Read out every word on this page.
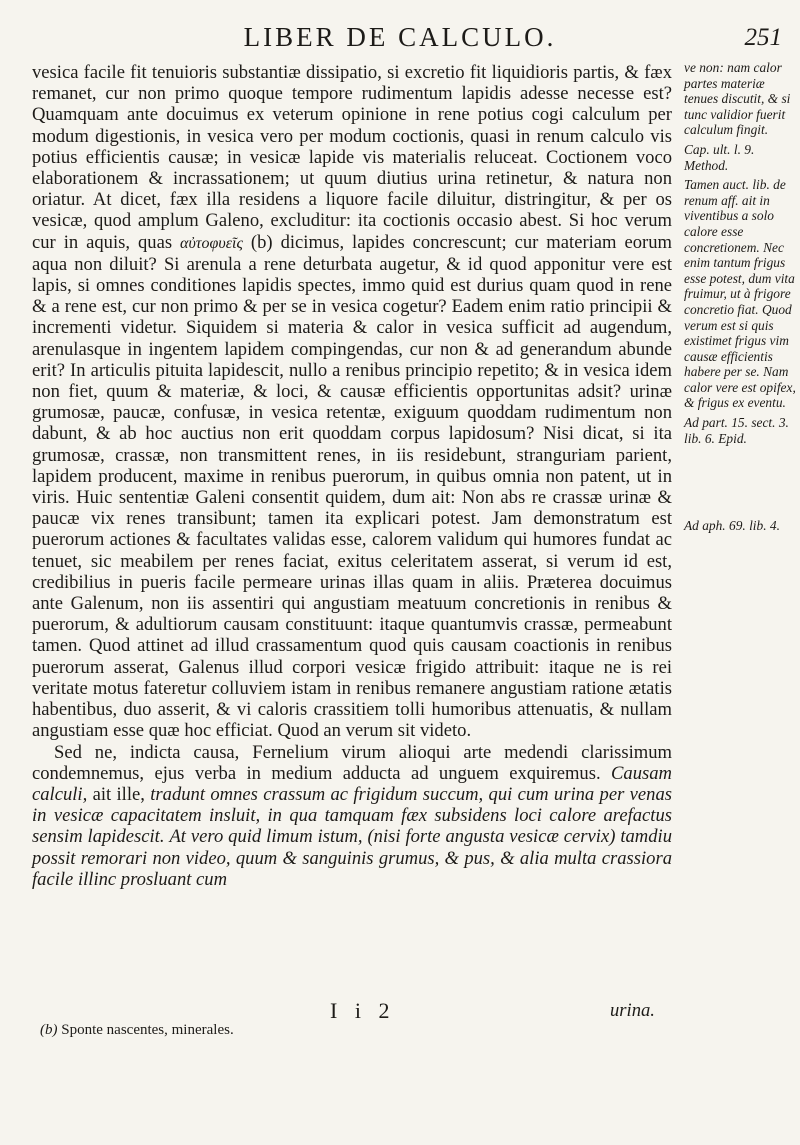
LIBER DE CALCULO.	251

vesica facile fit tenuioris substantiæ dissipatio, si excretio fit liquidioris partis, & fæx remanet, cur non primo quoque tempore rudimentum lapidis adesse necesse est? Quamquam ante docuimus ex veterum opinione in rene potius cogi calculum per modum digestionis, in vesica vero per modum coctionis, quasi in renum calculo vis potius efficientis causæ; in vesicæ lapide vis materialis reluceat. Coctionem voco elaborationem & incrassationem; ut quum diutius urina retinetur, & natura non oriatur. At dicet, fæx illa residens a liquore facile diluitur, distringitur, & per os vesicæ, quod amplum Galeno, excluditur: ita coctionis occasio abest. Si hoc verum cur in aquis, quas αὐτοφυεῖς (b) dicimus, lapides concrescunt; cur materiam eorum aqua non diluit? Si arenula a rene deturbata augetur, & id quod apponitur vere est lapis, si omnes conditiones lapidis spectes, immo quid est durius quam quod in rene & a rene est, cur non primo & per se in vesica cogetur? Eadem enim ratio principii & incrementi videtur. Siquidem si materia & calor in vesica sufficit ad augendum, arenulasque in ingentem lapidem compingendas, cur non & ad generandum abunde erit? In articulis pituita lapidescit, nullo a renibus principio repetito; & in vesica idem non fiet, quum & materiæ, & loci, & causæ efficientis opportunitas adsit? urinæ grumosæ, paucæ, confusæ, in vesica retentæ, exiguum quoddam rudimentum non dabunt, & ab hoc auctius non erit quoddam corpus lapidosum? Nisi dicat, si ita grumosæ, crassæ, non transmittent renes, in iis residebunt, stranguriam parient, lapidem producent, maxime in renibus puerorum, in quibus omnia non patent, ut in viris. Huic sententiæ Galeni consentit quidem, dum ait: Non abs re crassæ urinæ & paucæ vix renes transibunt; tamen ita explicari potest. Jam demonstratum est puerorum actiones & facultates validas esse, calorem validum qui humores fundat ac tenuet, sic meabilem per renes faciat, exitus celeritatem asserat, si verum id est, credibilius in pueris facile permeare urinas illas quam in aliis. Præterea docuimus ante Galenum, non iis assentiri qui angustiam meatuum concretionis in renibus & puerorum, & adultiorum causam constituunt: itaque quantumvis crassæ, permeabunt tamen. Quod attinet ad illud crassamentum quod quis causam coactionis in renibus puerorum asserat, Galenus illud corpori vesicæ frigido attribuit: itaque ne is rei veritate motus fateretur colluviem istam in renibus remanere angustiam ratione ætatis habentibus, duo asserit, & vi caloris crassitiem tolli humoribus attenuatis, & nullam angustiam esse quæ hoc efficiat. Quod an verum sit videto.

Sed ne, indicta causa, Fernelium virum alioqui arte medendi clarissimum condemnemus, ejus verba in medium adducta ad unguem exquiremus. Causam calculi, ait ille, tradunt omnes crassum ac frigidum succum, qui cum urina per venas in vesicæ capacitatem insluit, in qua tamquam fæx subsidens loci calore arefactus sensim lapidescit. At vero quid limum istum, (nisi forte angusta vesicæ cervix) tamdiu possit remorari non video, quum & sanguinis grumus, & pus, & alia multa crassiora facile illinc prosluant cum

ve non: nam calor partes materiæ tenues discutit, & si tunc validior fuerit calculum fingit.
Cap. ult. l. 9. Method.
Tamen auct. lib. de renum aff. ait in viventibus a solo calore esse concretionem. Nec enim tantum frigus esse potest, dum vita fruimur, ut à frigore concretio fiat. Quod verum est si quis existimet frigus vim causæ efficientis habere per se. Nam calor vere est opifex, & frigus ex eventu.
Ad part. 15. sect. 3. lib. 6. Epid.
Ad aph. 69. lib. 4.
I i 2	urina.
(b) Sponte nascentes, minerales.
